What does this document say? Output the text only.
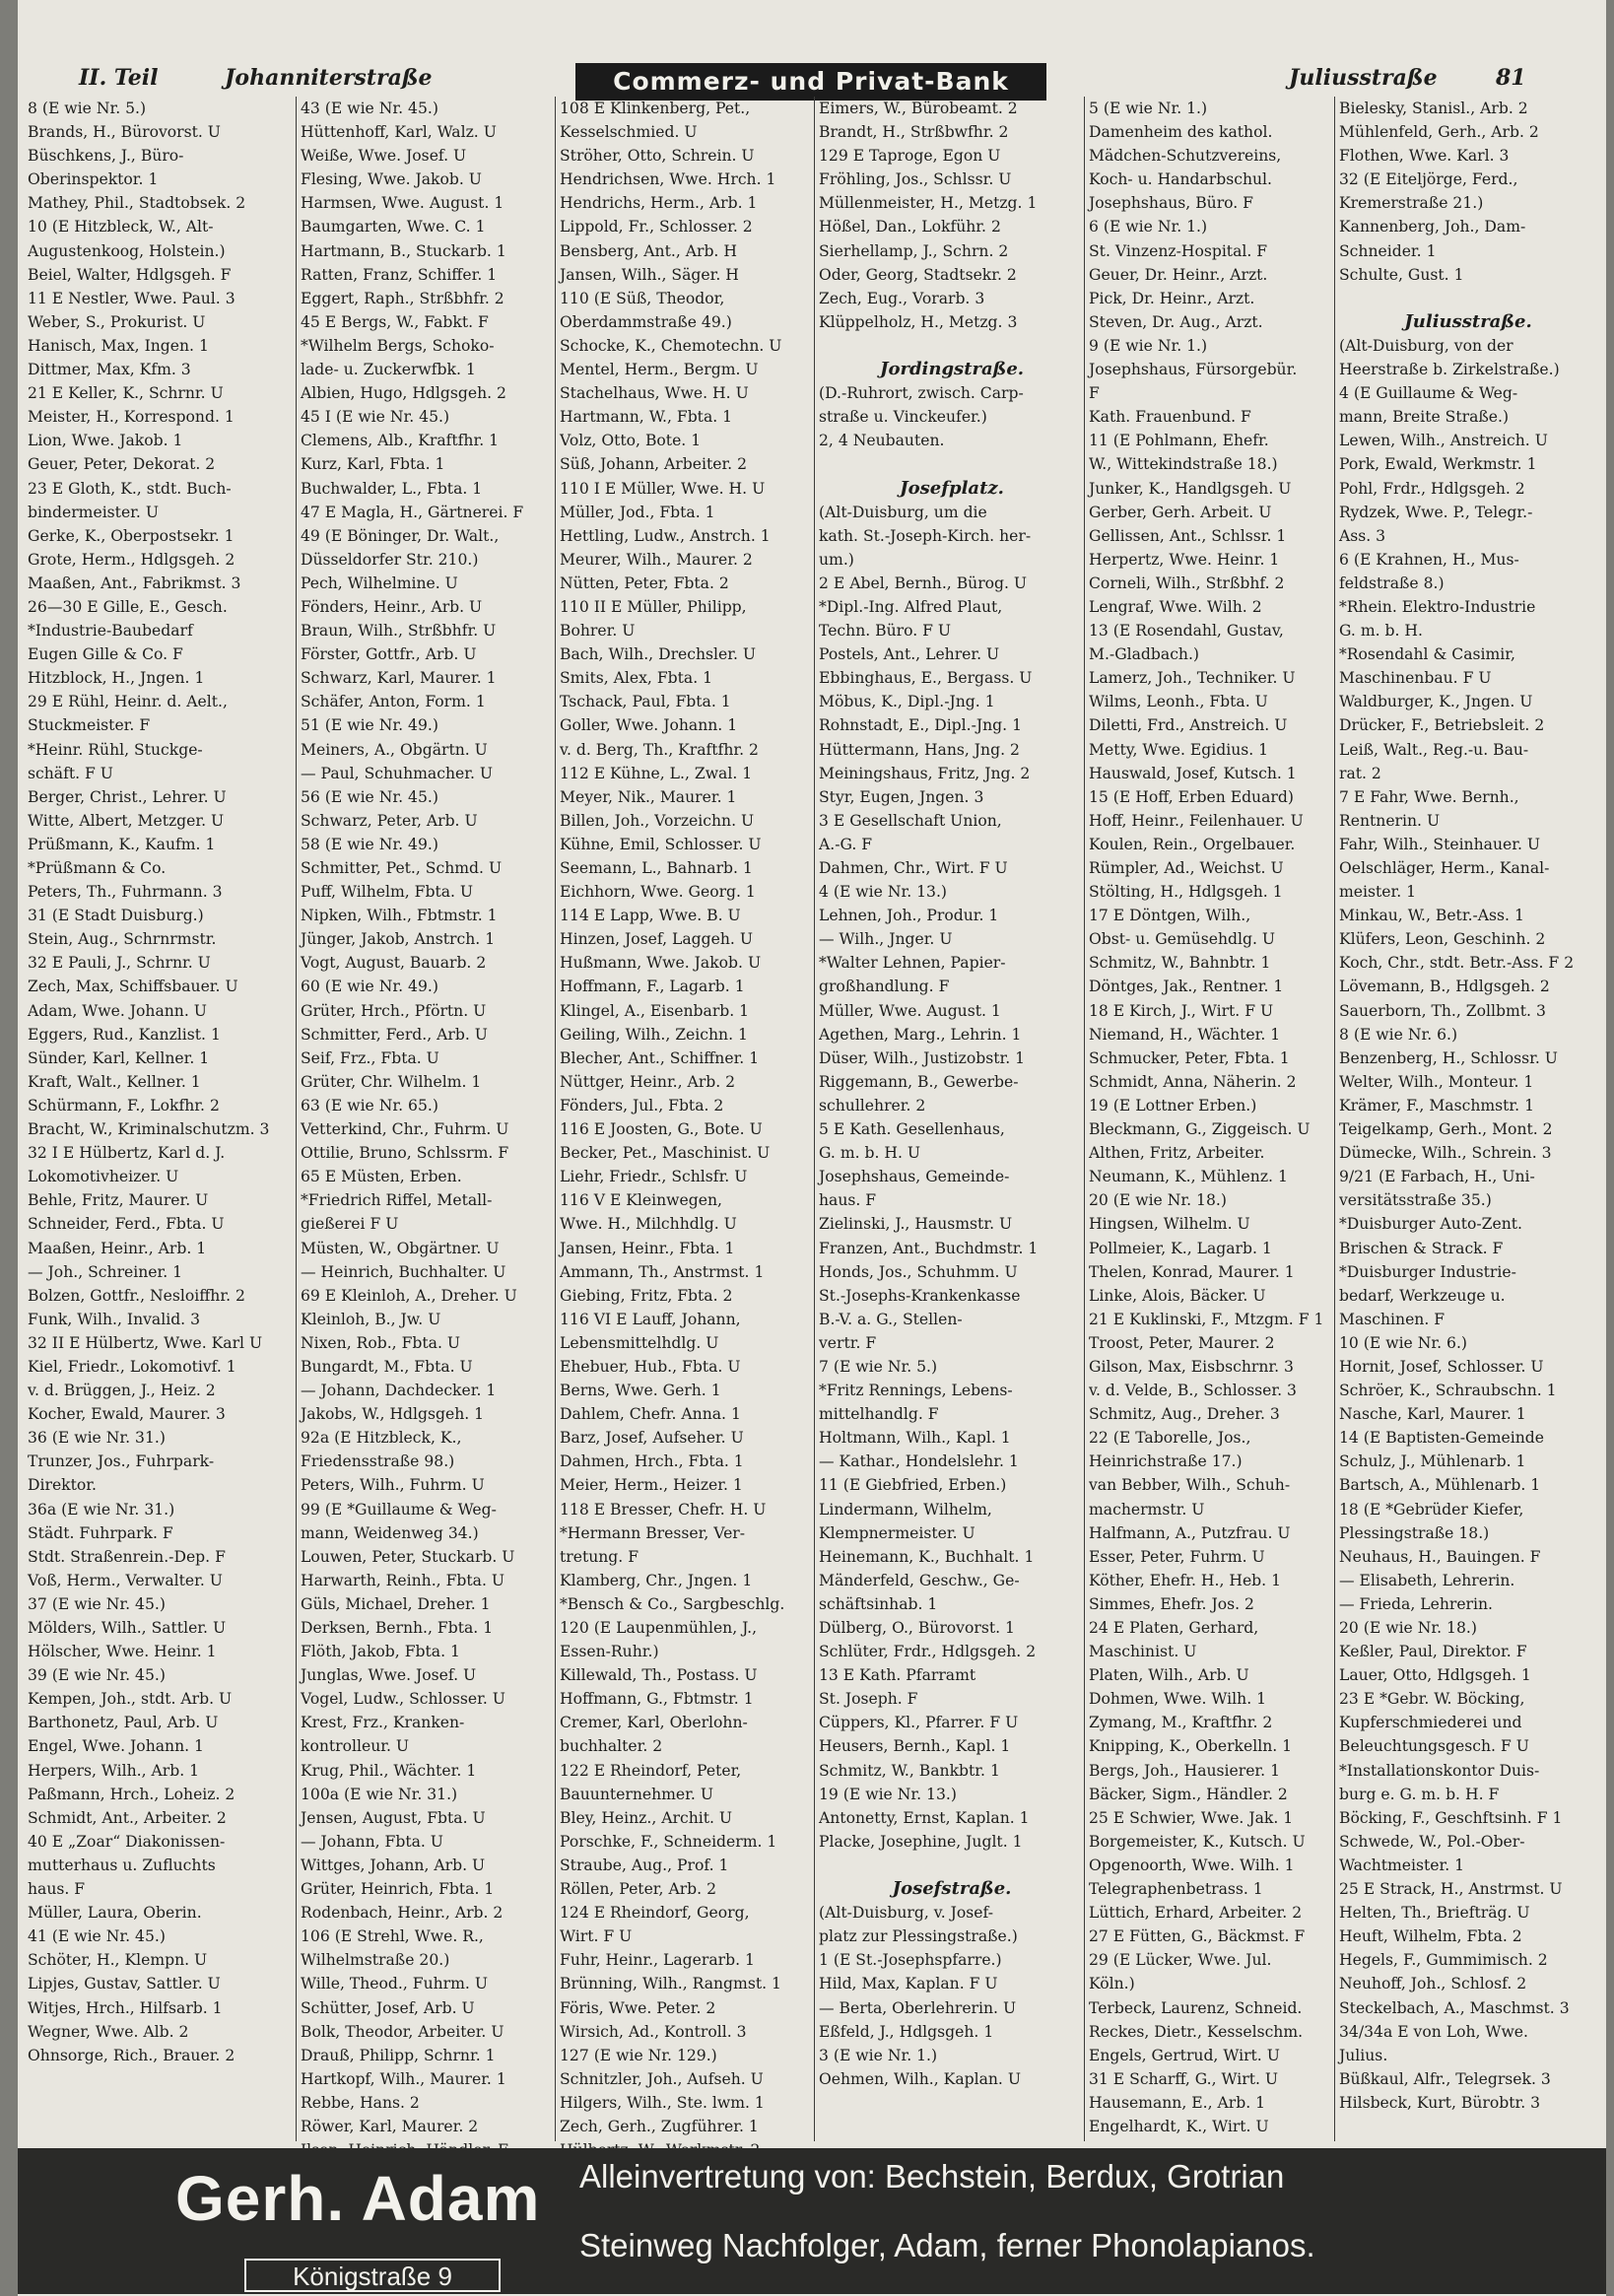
II. Teil	Johanniterstraße	Commerz- und Privat-Bank	Juliusstraße	81
8 (E wie Nr. 5.)
Brands, H., Bürovorst. U
Büschkens, J., Büro-
Oberinspektor. 1
Mathey, Phil., Stadtobsek. 2
10 (E Hitzbleck, W., Alt-
Augustenkoog, Holstein.)
Beiel, Walter, Hdlgsgeh. F
11 E Nestler, Wwe. Paul. 3
Weber, S., Prokurist. U
Hanisch, Max, Ingen. 1
Dittmer, Max, Kfm. 3
21 E Keller, K., Schrnr. U
Meister, H., Korrespond. 1
Lion, Wwe. Jakob. 1
Geuer, Peter, Dekorat. 2
23 E Gloth, K., stdt. Buch-
bindermeister. U
Gerke, K., Oberpostsekr. 1
Grote, Herm., Hdlgsgeh. 2
Maaßen, Ant., Fabrikmst. 3
26—30 E Gille, E., Gesch.
*Industrie-Baubedarf
Eugen Gille & Co. F
Hitzblock, H., Jngen. 1
29 E Rühl, Heinr. d. Aelt.,
Stuckmeister. F
*Heinr. Rühl, Stuckge-
schäft. F U
Berger, Christ., Lehrer. U
Witte, Albert, Metzger. U
Prüßmann, K., Kaufm. 1
*Prüßmann & Co.
Peters, Th., Fuhrmann. 3
31 (E Stadt Duisburg.)
Stein, Aug., Schrnrmstr.
32 E Pauli, J., Schrnr. U
Zech, Max, Schiffsbauer. U
Adam, Wwe. Johann. U
Eggers, Rud., Kanzlist. 1
Sünder, Karl, Kellner. 1
Kraft, Walt., Kellner. 1
Schürmann, F., Lokfhr. 2
Bracht, W., Kriminalschutzm. 3
32 I E Hülbertz, Karl d. J.
Lokomotivheizer. U
Behle, Fritz, Maurer. U
Schneider, Ferd., Fbta. U
Maaßen, Heinr., Arb. 1
— Joh., Schreiner. 1
Bolzen, Gottfr., Nesloiffhr. 2
Funk, Wilh., Invalid. 3
32 II E Hülbertz, Wwe. Karl U
Kiel, Friedr., Lokomotivf. 1
v. d. Brüggen, J., Heiz. 2
Kocher, Ewald, Maurer. 3
36 (E wie Nr. 31.)
Trunzer, Jos., Fuhrpark-
Direktor.
36a (E wie Nr. 31.)
Städt. Fuhrpark. F
Stdt. Straßenrein.-Dep. F
Voß, Herm., Verwalter. U
37 (E wie Nr. 45.)
Mölders, Wilh., Sattler. U
Hölscher, Wwe. Heinr. 1
39 (E wie Nr. 45.)
Kempen, Joh., stdt. Arb. U
Barthonetz, Paul, Arb. U
Engel, Wwe. Johann. 1
Herpers, Wilh., Arb. 1
Paßmann, Hrch., Loheiz. 2
Schmidt, Ant., Arbeiter. 2
40 E „Zoar“ Diakonissen-
mutterhaus u. Zufluchts
haus. F
Müller, Laura, Oberin.
41 (E wie Nr. 45.)
Schöter, H., Klempn. U
Lipjes, Gustav, Sattler. U
Witjes, Hrch., Hilfsarb. 1
Wegner, Wwe. Alb. 2
Ohnsorge, Rich., Brauer. 2
43 (E wie Nr. 45.)
Hüttenhoff, Karl, Walz. U
Weiße, Wwe. Josef. U
Flesing, Wwe. Jakob. U
Harmsen, Wwe. August. 1
Baumgarten, Wwe. C. 1
Hartmann, B., Stuckarb. 1
Ratten, Franz, Schiffer. 1
Eggert, Raph., Strßbhfr. 2
45 E Bergs, W., Fabkt. F
*Wilhelm Bergs, Schoko-
lade- u. Zuckerwfbk. 1
Albien, Hugo, Hdlgsgeh. 2
45 I (E wie Nr. 45.)
Clemens, Alb., Kraftfhr. 1
Kurz, Karl, Fbta. 1
Buchwalder, L., Fbta. 1
47 E Magla, H., Gärtnerei. F
49 (E Böninger, Dr. Walt.,
Düsseldorfer Str. 210.)
Pech, Wilhelmine. U
Fönders, Heinr., Arb. U
Braun, Wilh., Strßbhfr. U
Förster, Gottfr., Arb. U
Schwarz, Karl, Maurer. 1
Schäfer, Anton, Form. 1
51 (E wie Nr. 49.)
Meiners, A., Obgärtn. U
— Paul, Schuhmacher. U
56 (E wie Nr. 45.)
Schwarz, Peter, Arb. U
58 (E wie Nr. 49.)
Schmitter, Pet., Schmd. U
Puff, Wilhelm, Fbta. U
Nipken, Wilh., Fbtmstr. 1
Jünger, Jakob, Anstrch. 1
Vogt, August, Bauarb. 2
60 (E wie Nr. 49.)
Grüter, Hrch., Pförtn. U
Schmitter, Ferd., Arb. U
Seif, Frz., Fbta. U
Grüter, Chr. Wilhelm. 1
63 (E wie Nr. 65.)
Vetterkind, Chr., Fuhrm. U
Ottilie, Bruno, Schlssrm. F
65 E Müsten, Erben.
*Friedrich Riffel, Metall-
gießerei F U
Müsten, W., Obgärtner. U
— Heinrich, Buchhalter. U
69 E Kleinloh, A., Dreher. U
Kleinloh, B., Jw. U
Nixen, Rob., Fbta. U
Bungardt, M., Fbta. U
— Johann, Dachdecker. 1
Jakobs, W., Hdlgsgeh. 1
92a (E Hitzbleck, K.,
Friedensstraße 98.)
Peters, Wilh., Fuhrm. U
99 (E *Guillaume & Weg-
mann, Weidenweg 34.)
Louwen, Peter, Stuckarb. U
Harwarth, Reinh., Fbta. U
Güls, Michael, Dreher. 1
Derksen, Bernh., Fbta. 1
Flöth, Jakob, Fbta. 1
Junglas, Wwe. Josef. U
Vogel, Ludw., Schlosser. U
Krest, Frz., Kranken-
kontrolleur. U
Krug, Phil., Wächter. 1
100a (E wie Nr. 31.)
Jensen, August, Fbta. U
— Johann, Fbta. U
Wittges, Johann, Arb. U
Grüter, Heinrich, Fbta. 1
Rodenbach, Heinr., Arb. 2
106 (E Strehl, Wwe. R.,
Wilhelmstraße 20.)
Wille, Theod., Fuhrm. U
Schütter, Josef, Arb. U
Bolk, Theodor, Arbeiter. U
Drauß, Philipp, Schrnr. 1
Hartkopf, Wilh., Maurer. 1
Rebbe, Hans. 2
Röwer, Karl, Maurer. 2
108 E Klinkenberg, Pet.,
Kesselschmied. U
Ströher, Otto, Schrein. U
Hendrichsen, Wwe. Hrch. 1
Hendrichs, Herm., Arb. 1
Lippold, Fr., Schlosser. 2
Bensberg, Ant., Arb. H
Jansen, Wilh., Säger. H
110 (E Süß, Theodor,
Oberdammstraße 49.)
Schocke, K., Chemotechn. U
Mentel, Herm., Bergm. U
Stachelhaus, Wwe. H. U
Hartmann, W., Fbta. 1
Volz, Otto, Bote. 1
Süß, Johann, Arbeiter. 2
110 I E Müller, Wwe. H. U
Müller, Jod., Fbta. 1
Hettling, Ludw., Anstrch. 1
Meurer, Wilh., Maurer. 2
Nütten, Peter, Fbta. 2
110 II E Müller, Philipp,
Bohrer. U
Bach, Wilh., Drechsler. U
Smits, Alex, Fbta. 1
Tschack, Paul, Fbta. 1
Goller, Wwe. Johann. 1
v. d. Berg, Th., Kraftfhr. 2
112 E Kühne, L., Zwal. 1
Meyer, Nik., Maurer. 1
Billen, Joh., Vorzeichn. U
Kühne, Emil, Schlosser. U
Seemann, L., Bahnarb. 1
Eichhorn, Wwe. Georg. 1
114 E Lapp, Wwe. B. U
Hinzen, Josef, Laggeh. U
Hußmann, Wwe. Jakob. U
Hoffmann, F., Lagarb. 1
Klingel, A., Eisenbarb. 1
Geiling, Wilh., Zeichn. 1
Blecher, Ant., Schiffner. 1
Nüttger, Heinr., Arb. 2
Fönders, Jul., Fbta. 2
116 E Joosten, G., Bote. U
Becker, Pet., Maschinist. U
Liehr, Friedr., Schlsfr. U
116 V E Kleinwegen,
Wwe. H., Milchhdlg. U
Jansen, Heinr., Fbta. 1
Ammann, Th., Anstrmst. 1
Giebing, Fritz, Fbta. 2
116 VI E Lauff, Johann,
Lebensmittelhdlg. U
Ehebuer, Hub., Fbta. U
Berns, Wwe. Gerh. 1
Dahlem, Chefr. Anna. 1
Barz, Josef, Aufseher. U
Dahmen, Hrch., Fbta. 1
Meier, Herm., Heizer. 1
118 E Bresser, Chefr. H. U
*Hermann Bresser, Ver-
tretung. F
Klamberg, Chr., Jngen. 1
*Bensch & Co., Sargbeschlg.
120 (E Laupenmühlen, J.,
Essen-Ruhr.)
Killewald, Th., Postass. U
Hoffmann, G., Fbtmstr. 1
Cremer, Karl, Oberlohn-
buchhalter. 2
122 E Rheindorf, Peter,
Bauunternehmer. U
Bley, Heinz., Archit. U
Porschke, F., Schneiderm. 1
Straube, Aug., Prof. 1
Röllen, Peter, Arb. 2
124 E Rheindorf, Georg,
Wirt. F U
Fuhr, Heinr., Lagerarb. 1
Brünning, Wilh., Rangmst. 1
Föris, Wwe. Peter. 2
Wirsich, Ad., Kontroll. 3
127 (E wie Nr. 129.)
Schnitzler, Joh., Aufseh. U
Hilgers, Wilh., Ste. lwm. 1
Zech, Gerh., Zugführer. 1
Eimers, W., Bürobeamt. 2
Brandt, H., Strßbwfhr. 2
129 E Taproge, Egon U
Fröhling, Jos., Schlssr. U
Müllenmeister, H., Metzg. 1
Hößel, Dan., Lokführ. 2
Sierhellamp, J., Schrn. 2
Oder, Georg, Stadtsekr. 2
Zech, Eug., Vorarb. 3
Klüppelholz, H., Metzg. 3
Jordingstraße.
(D.-Ruhrort, zwisch. Carp-
straße u. Vinckeufer.)
2, 4 Neubauten.
Josefplatz.
(Alt-Duisburg, um die
kath. St.-Joseph-Kirch. her-
um.)
2 E Abel, Bernh., Bürog. U
*Dipl.-Ing. Alfred Plaut,
Techn. Büro. F U
Postels, Ant., Lehrer. U
Ebbinghaus, E., Bergass. U
Möbus, K., Dipl.-Jng. 1
Rohnstadt, E., Dipl.-Jng. 1
Hüttermann, Hans, Jng. 2
Meiningshaus, Fritz, Jng. 2
Styr, Eugen, Jngen. 3
3 E Gesellschaft Union,
A.-G. F
Dahmen, Chr., Wirt. F U
4 (E wie Nr. 13.)
Lehnen, Joh., Produr. 1
— Wilh., Jnger. U
*Walter Lehnen, Papier-
großhandlung. F
Müller, Wwe. August. 1
Agethen, Marg., Lehrin. 1
Düser, Wilh., Justizobstr. 1
Riggemann, B., Gewerbe-
schullehrer. 2
5 E Kath. Gesellenhaus,
G. m. b. H. U
Josephshaus, Gemeinde-
haus. F
Zielinski, J., Hausmstr. U
Franzen, Ant., Buchdmstr. 1
Honds, Jos., Schuhmm. U
St.-Josephs-Krankenkasse
B.-V. a. G., Stellen-
vertr. F
7 (E wie Nr. 5.)
*Fritz Rennings, Lebens-
mittelhandlg. F
Holtmann, Wilh., Kapl. 1
— Kathar., Hondelslehr. 1
11 (E Giebfried, Erben.)
Lindermann, Wilhelm,
Klempnermeister. U
Heinemann, K., Buchhalt. 1
Mänderfeld, Geschw., Ge-
schäftsinhab. 1
Dülberg, O., Bürovorst. 1
Schlüter, Frdr., Hdlgsgeh. 2
13 E Kath. Pfarramt
St. Joseph. F
Cüppers, Kl., Pfarrer. F U
Heusers, Bernh., Kapl. 1
Schmitz, W., Bankbtr. 1
19 (E wie Nr. 13.)
Antonetty, Ernst, Kaplan. 1
Placke, Josephine, Juglt. 1
Josefstraße.
(Alt-Duisburg, v. Josef-
platz zur Plessingstraße.)
1 (E St.-Josephspfarre.)
Hild, Max, Kaplan. F U
— Berta, Oberlehrerin. U
Eßfeld, J., Hdlgsgeh. 1
3 (E wie Nr. 1.)
Oehmen, Wilh., Kaplan. U
5 (E wie Nr. 1.)
Damenheim des kathol.
Mädchen-Schutzvereins,
Koch- u. Handarbschul.
Josephshaus, Büro. F
6 (E wie Nr. 1.)
St. Vinzenz-Hospital. F
Geuer, Dr. Heinr., Arzt.
Pick, Dr. Heinr., Arzt.
Steven, Dr. Aug., Arzt.
9 (E wie Nr. 1.)
Josephshaus, Fürsorgebür.
F
Kath. Frauenbund. F
11 (E Pohlmann, Ehefr.
W., Wittekindstraße 18.)
Junker, K., Handlgsgeh. U
Gerber, Gerh. Arbeit. U
Gellissen, Ant., Schlssr. 1
Herpertz, Wwe. Heinr. 1
Corneli, Wilh., Strßbhf. 2
Lengraf, Wwe. Wilh. 2
13 (E Rosendahl, Gustav,
M.-Gladbach.)
Lamerz, Joh., Techniker. U
Wilms, Leonh., Fbta. U
Diletti, Frd., Anstreich. U
Metty, Wwe. Egidius. 1
Hauswald, Josef, Kutsch. 1
15 (E Hoff, Erben Eduard)
Hoff, Heinr., Feilenhauer. U
Koulen, Rein., Orgelbauer.
Rümpler, Ad., Weichst. U
Stölting, H., Hdlgsgeh. 1
17 E Döntgen, Wilh.,
Obst- u. Gemüsehdlg. U
Schmitz, W., Bahnbtr. 1
Döntges, Jak., Rentner. 1
18 E Kirch, J., Wirt. F U
Niemand, H., Wächter. 1
Schmucker, Peter, Fbta. 1
Schmidt, Anna, Näherin. 2
19 (E Lottner Erben.)
Bleckmann, G., Ziggeisch. U
Althen, Fritz, Arbeiter.
Neumann, K., Mühlenz. 1
20 (E wie Nr. 18.)
Hingsen, Wilhelm. U
Pollmeier, K., Lagarb. 1
Thelen, Konrad, Maurer. 1
Linke, Alois, Bäcker. U
21 E Kuklinski, F., Mtzgm. F 1
Troost, Peter, Maurer. 2
Gilson, Max, Eisbschrnr. 3
v. d. Velde, B., Schlosser. 3
Schmitz, Aug., Dreher. 3
22 (E Taborelle, Jos.,
Heinrichstraße 17.)
van Bebber, Wilh., Schuh-
machermstr. U
Halfmann, A., Putzfrau. U
Esser, Peter, Fuhrm. U
Köther, Ehefr. H., Heb. 1
Simmes, Ehefr. Jos. 2
24 E Platen, Gerhard,
Maschinist. U
Platen, Wilh., Arb. U
Dohmen, Wwe. Wilh. 1
Zymang, M., Kraftfhr. 2
Knipping, K., Oberkelln. 1
Bergs, Joh., Hausierer. 1
Bäcker, Sigm., Händler. 2
25 E Schwier, Wwe. Jak. 1
Borgemeister, K., Kutsch. U
Opgenoorth, Wwe. Wilh. 1
Telegraphenbetrass. 1
Lüttich, Erhard, Arbeiter. 2
27 E Fütten, G., Bäckmst. F
29 (E Lücker, Wwe. Jul.
Köln.)
Terbeck, Laurenz, Schneid.
Reckes, Dietr., Kesselschm.
Engels, Gertrud, Wirt. U
31 E Scharff, G., Wirt. U
Hausemann, E., Arb. 1
Engelhardt, K., Wirt. U
Bielesky, Stanisl., Arb. 2
Mühlenfeld, Gerh., Arb. 2
Flothen, Wwe. Karl. 3
32 (E Eiteljörge, Ferd.,
Kremerstraße 21.)
Kannenberg, Joh., Dam-
Schneider. 1
Schulte, Gust. 1
Juliusstraße.
(Alt-Duisburg, von der
Heerstraße b. Zirkelstraße.)
4 (E Guillaume & Weg-
mann, Breite Straße.)
Lewen, Wilh., Anstreich. U
Pork, Ewald, Werkmstr. 1
Pohl, Frdr., Hdlgsgeh. 2
Rydzek, Wwe. P., Telegr.-
Ass. 3
6 (E Krahnen, H., Mus-
feldstraße 8.)
*Rhein. Elektro-Industrie
G. m. b. H.
*Rosendahl & Casimir,
Maschinenbau. F U
Waldburger, K., Jngen. U
Drücker, F., Betriebsleit. 2
Leiß, Walt., Reg.-u. Bau-
rat. 2
7 E Fahr, Wwe. Bernh.,
Rentnerin. U
Fahr, Wilh., Steinhauer. U
Oelschläger, Herm., Kanal-
meister. 1
Minkau, W., Betr.-Ass. 1
Klüfers, Leon, Geschinh. 2
Koch, Chr., stdt. Betr.-Ass. F 2
Lövemann, B., Hdlgsgeh. 2
Sauerborn, Th., Zollbmt. 3
8 (E wie Nr. 6.)
Benzenberg, H., Schlossr. U
Welter, Wilh., Monteur. 1
Krämer, F., Maschmstr. 1
Teigelkamp, Gerh., Mont. 2
Dümecke, Wilh., Schrein. 3
9/21 (E Farbach, H., Uni-
versitätsstraße 35.)
*Duisburger Auto-Zent.
Brischen & Strack. F
*Duisburger Industrie-
bedarf, Werkzeuge u.
Maschinen. F
10 (E wie Nr. 6.)
Hornit, Josef, Schlosser. U
Schröer, K., Schraubschn. 1
Nasche, Karl, Maurer. 1
14 (E Baptisten-Gemeinde
Schulz, J., Mühlenarb. 1
Bartsch, A., Mühlenarb. 1
18 (E *Gebrüder Kiefer,
Plessingstraße 18.)
Neuhaus, H., Bauingen. F
— Elisabeth, Lehrerin.
— Frieda, Lehrerin.
20 (E wie Nr. 18.)
Keßler, Paul, Direktor. F
Lauer, Otto, Hdlgsgeh. 1
23 E *Gebr. W. Böcking,
Kupferschmiederei und
Beleuchtungsgesch. F U
*Installationskontor Duis-
burg e. G. m. b. H. F
Böcking, F., Geschftsinh. F 1
Schwede, W., Pol.-Ober-
Wachtmeister. 1
25 E Strack, H., Anstrmst. U
Helten, Th., Briefträg. U
Heuft, Wilhelm, Fbta. 2
Hegels, F., Gummimisch. 2
Neuhoff, Joh., Schlosf. 2
Steckelbach, A., Maschmst. 3
34/34a E von Loh, Wwe.
Julius.
Büßkaul, Alfr., Telegrsek. 3
Hilsbeck, Kurt, Bürobtr. 3
Gerh. Adam
Königstraße 9
Alleinvertretung von: Bechstein, Berdux, Grotrian
Steinweg Nachfolger, Adam, ferner Phonolapianos.
